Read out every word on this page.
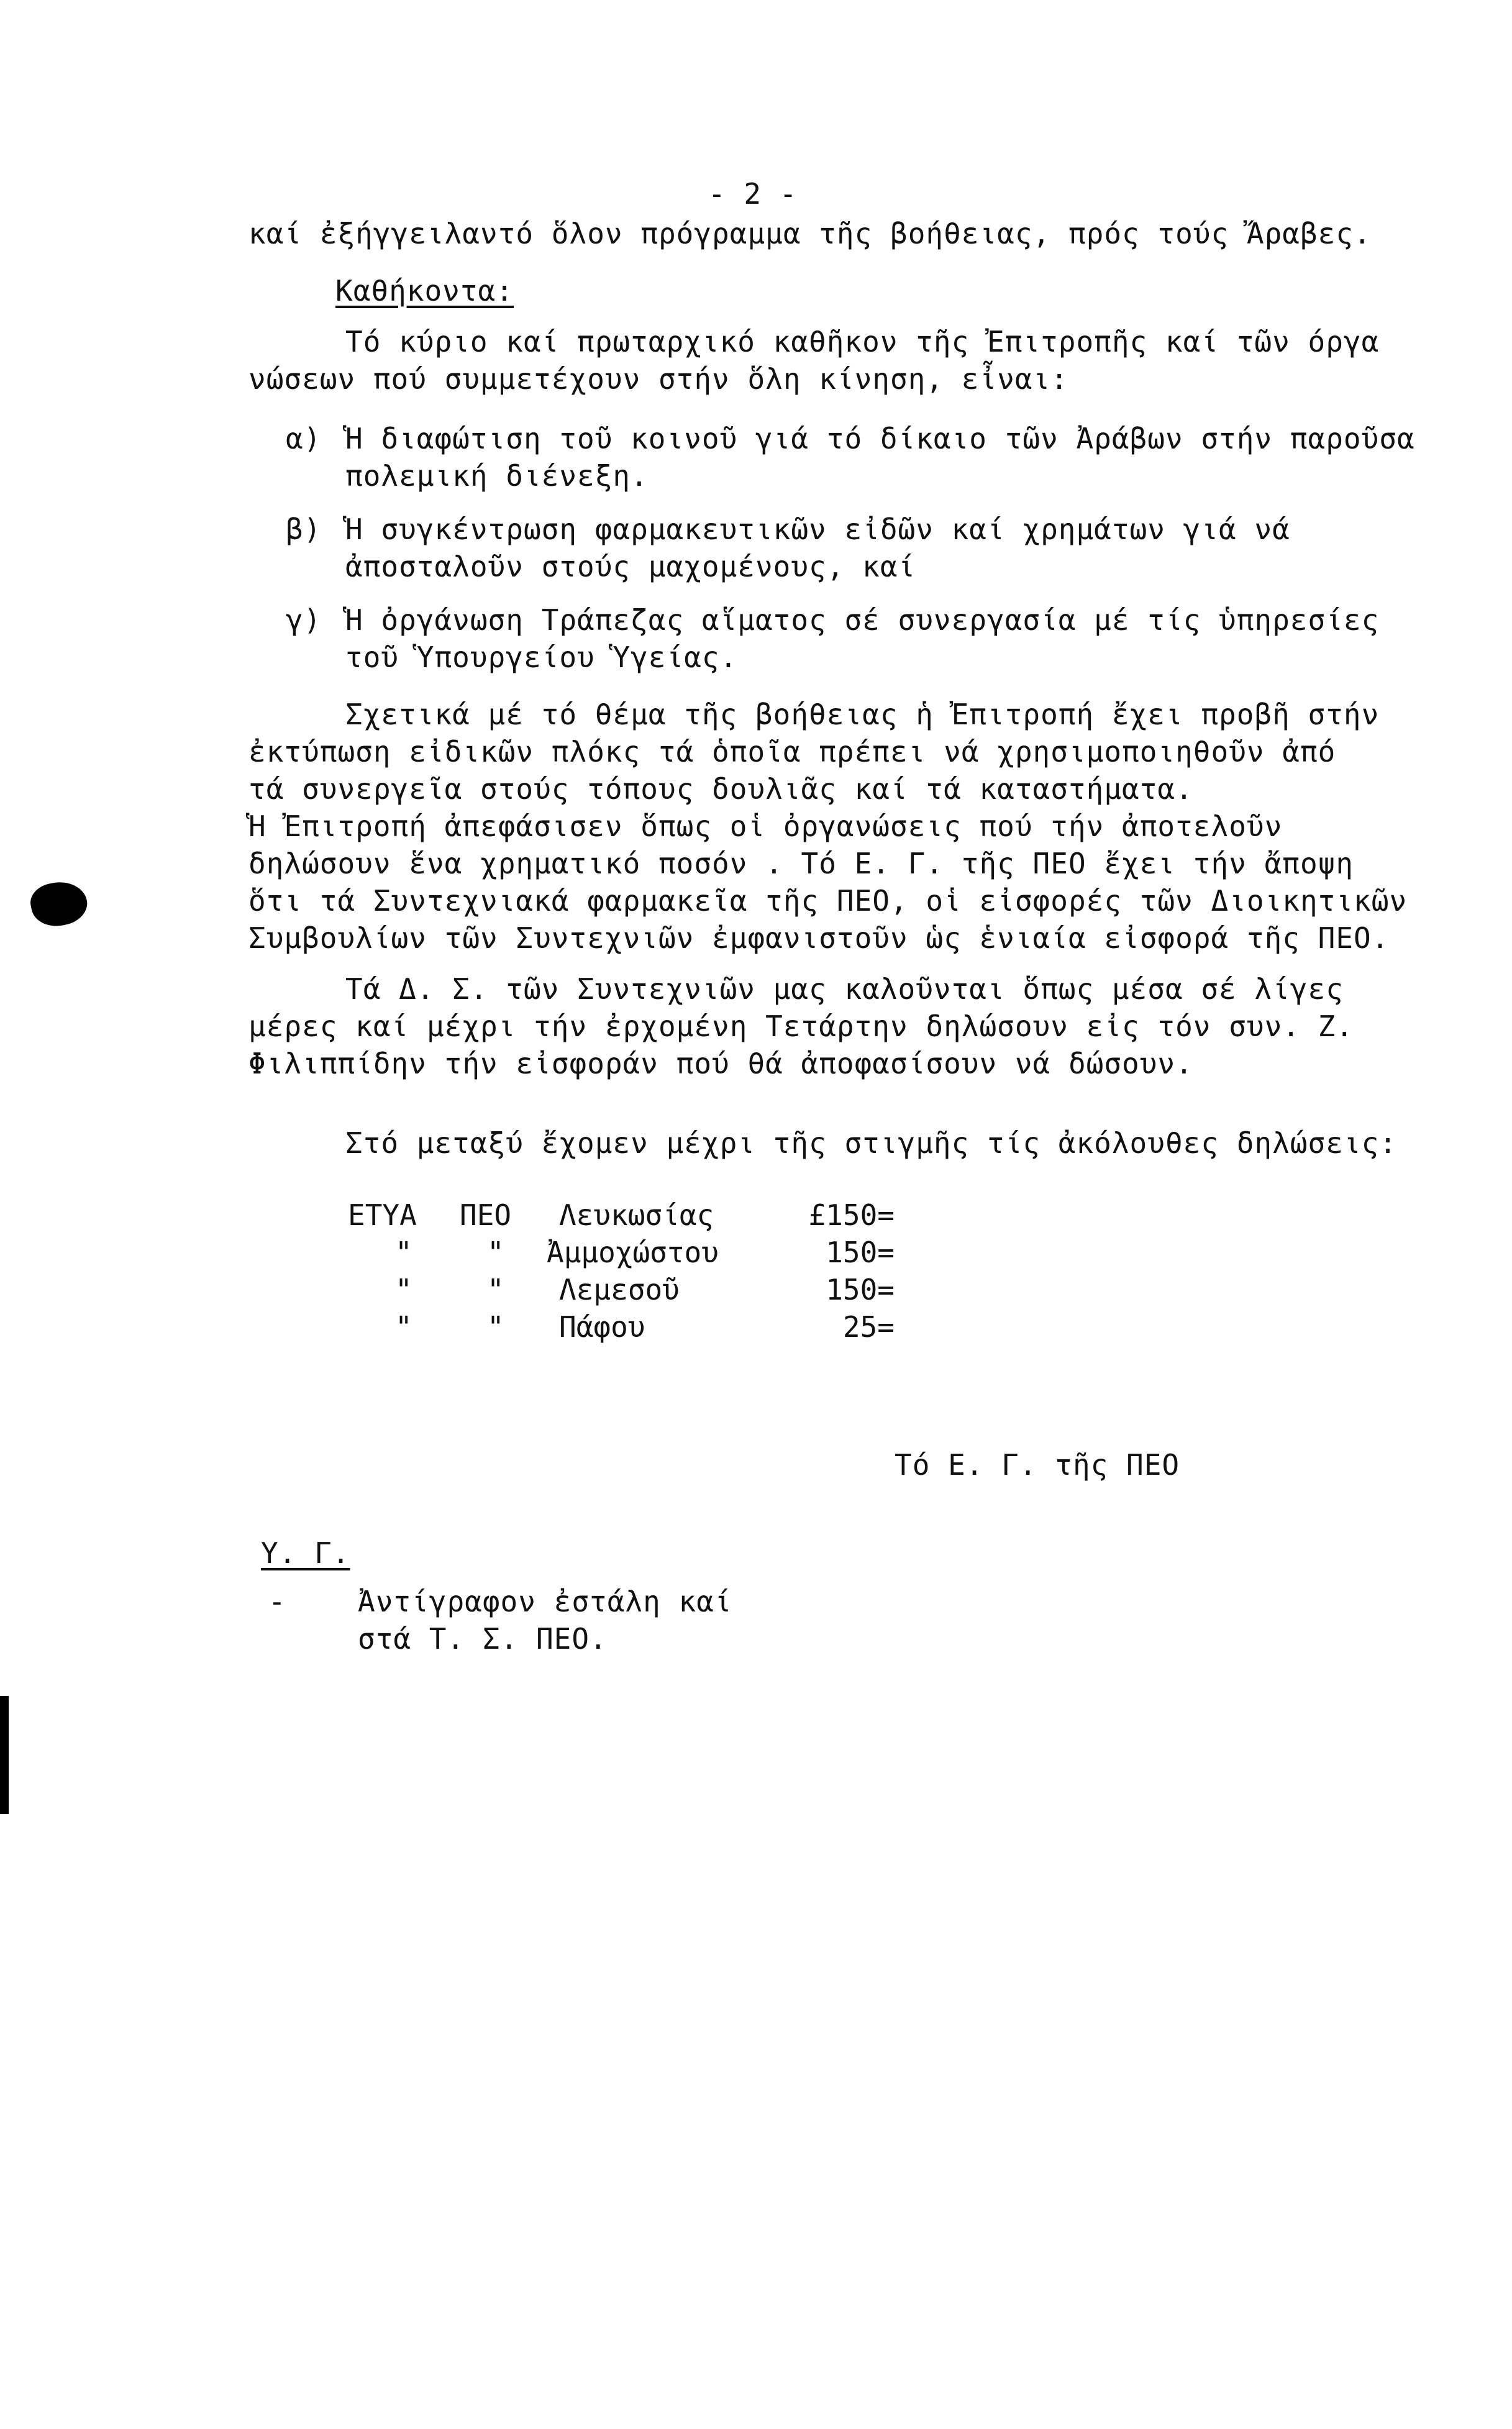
- 2 -
καί ἐξήγγειλαντό ὅλον πρόγραμμα τῆς βοήθειας, πρός τούς Ἄραβες.
Καθήκοντα:
Τό κύριο καί πρωταρχικό καθῆκον τῆς Ἐπιτροπῆς καί τῶν όργα
νώσεων πού συμμετέχουν στήν ὅλη κίνηση, εἶναι:
α) Ἡ διαφώτιση τοῦ κοινοῦ γιά τό δίκαιο τῶν Ἀράβων στήν παροῦσα
πολεμική διένεξη.
β) Ἡ συγκέντρωση φαρμακευτικῶν εἰδῶν καί χρημάτων γιά νά
ἀποσταλοῦν στούς μαχομένους, καί
γ) Ἡ ὀργάνωση Τράπεζας αἵματος σέ συνεργασία μέ τίς ὑπηρεσίες
τοῦ Ὑπουργείου Ὑγείας.
Σχετικά μέ τό θέμα τῆς βοήθειας ἡ Ἐπιτροπή ἔχει προβῆ στήν
ἐκτύπωση εἰδικῶν πλόκς τά ὁποῖα πρέπει νά χρησιμοποιηθοῦν ἀπό
τά συνεργεῖα στούς τόπους δουλιᾶς καί τά καταστήματα.
Ἡ Ἐπιτροπή ἀπεφάσισεν ὅπως οἱ ὀργανώσεις πού τήν ἀποτελοῦν
δηλώσουν ἕνα χρηματικό ποσόν . Τό Ε. Γ. τῆς ΠΕΟ ἔχει τήν ἄποψη
ὅτι τά Συντεχνιακά φαρμακεῖα τῆς ΠΕΟ, οἱ εἰσφορές τῶν Διοικητικῶν
Συμβουλίων τῶν Συντεχνιῶν ἐμφανιστοῦν ὡς ἑνιαία εἰσφορά τῆς ΠΕΟ.
Τά Δ. Σ. τῶν Συντεχνιῶν μας καλοῦνται ὅπως μέσα σέ λίγες
μέρες καί μέχρι τήν ἐρχομένη Τετάρτην δηλώσουν εἰς τόν συν. Ζ.
Φιλιππίδην τήν εἰσφοράν πού θά ἀποφασίσουν νά δώσουν.
Στό μεταξύ ἔχομεν μέχρι τῆς στιγμῆς τίς ἀκόλουθες δηλώσεις:
ΕΤΥΑ ΠΕΟ Λευκωσίας	£150=
"	" Ἀμμοχώστου	150=
"	" Λεμεσοῦ	150=
"	" Πάφου	25=
Τό Ε. Γ. τῆς ΠΕΟ
Υ. Γ.
-	Ἀντίγραφον ἐστάλη καί
στά Τ. Σ. ΠΕΟ.
